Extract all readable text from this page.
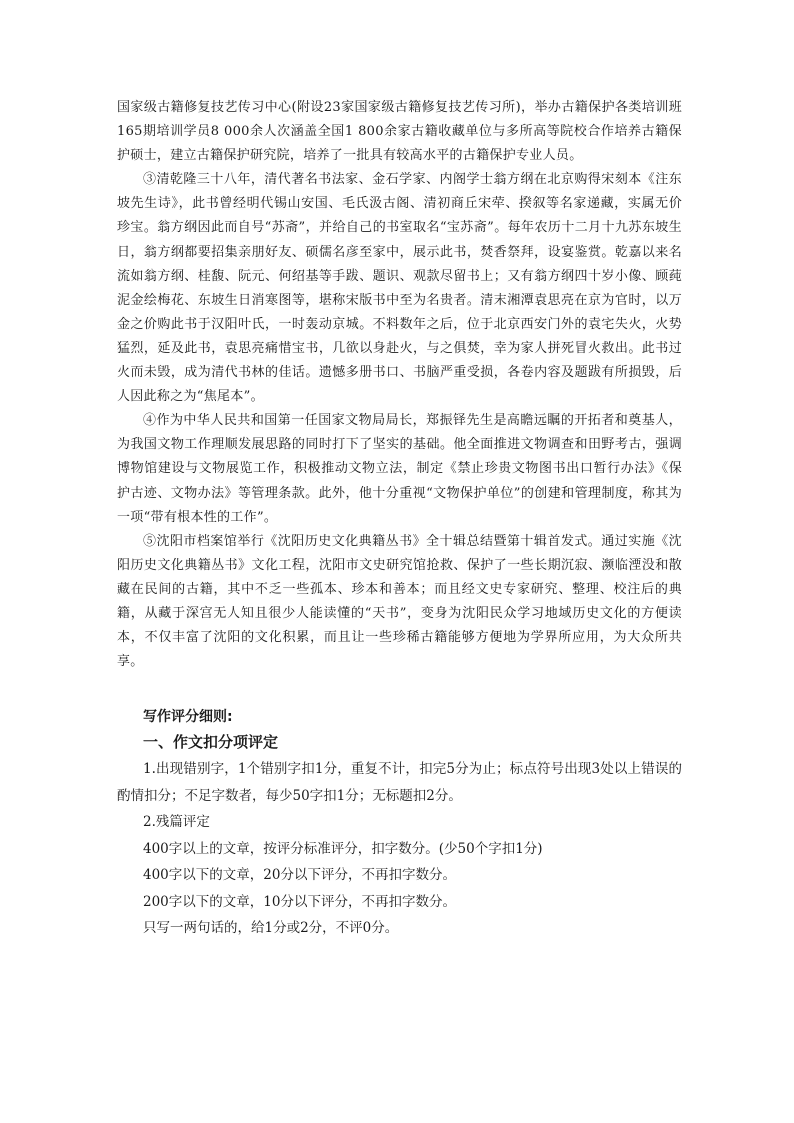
国家级古籍修复技艺传习中心(附设23家国家级古籍修复技艺传习所)，举办古籍保护各类培训班165期培训学员8 000余人次涵盖全国1 800余家古籍收藏单位与多所高等院校合作培养古籍保护硕士，建立古籍保护研究院，培养了一批具有较高水平的古籍保护专业人员。

③清乾隆三十八年，清代著名书法家、金石学家、内阁学士翁方纲在北京购得宋刻本《注东坡先生诗》，此书曾经明代锡山安国、毛氏汲古阁、清初商丘宋荦、揆叙等名家递藏，实属无价珍宝。翁方纲因此而自号“苏斋”，并给自己的书室取名“宝苏斋”。每年农历十二月十九苏东坡生日，翁方纲都要招集亲朋好友、硕儒名彦至家中，展示此书，焚香祭拜，设宴鉴赏。乾嘉以来名流如翁方纲、桂馥、阮元、何绍基等手跋、题识、观款尽留书上；又有翁方纲四十岁小像、顾莼泥金绘梅花、东坡生日消寒图等，堪称宋版书中至为名贵者。清末湘潭袁思亮在京为官时，以万金之价购此书于汉阳叶氏，一时轰动京城。不料数年之后，位于北京西安门外的袁宅失火，火势猛烈，延及此书，袁思亮痛惜宝书，几欲以身赴火，与之俱焚，幸为家人拼死冒火救出。此书过火而未毁，成为清代书林的佳话。遗憾多册书口、书脑严重受损，各卷内容及题跋有所损毁，后人因此称之为“焦尾本”。

④作为中华人民共和国第一任国家文物局局长，郑振铎先生是高瞻远瞩的开拓者和奠基人，为我国文物工作理顺发展思路的同时打下了坚实的基础。他全面推进文物调查和田野考古，强调博物馆建设与文物展览工作，积极推动文物立法，制定《禁止珍贵文物图书出口暂行办法》《保护古迹、文物办法》等管理条款。此外，他十分重视“文物保护单位”的创建和管理制度，称其为一项“带有根本性的工作”。

⑤沈阳市档案馆举行《沈阳历史文化典籍丛书》全十辑总结暨第十辑首发式。通过实施《沈阳历史文化典籍丛书》文化工程，沈阳市文史研究馆抢救、保护了一些长期沉寂、濒临湮没和散藏在民间的古籍，其中不乏一些孤本、珍本和善本；而且经文史专家研究、整理、校注后的典籍，从藏于深宫无人知且很少人能读懂的“天书”，变身为沈阳民众学习地域历史文化的方便读本，不仅丰富了沈阳的文化积累，而且让一些珍稀古籍能够方便地为学界所应用，为大众所共享。

写作评分细则:

一、作文扣分项评定

1.出现错别字，1个错别字扣1分，重复不计，扣完5分为止；标点符号出现3处以上错误的酌情扣分；不足字数者，每少50字扣1分；无标题扣2分。

2.残篇评定

400字以上的文章，按评分标准评分，扣字数分。(少50个字扣1分)

400字以下的文章，20分以下评分，不再扣字数分。

200字以下的文章，10分以下评分，不再扣字数分。

只写一两句话的，给1分或2分，不评0分。
